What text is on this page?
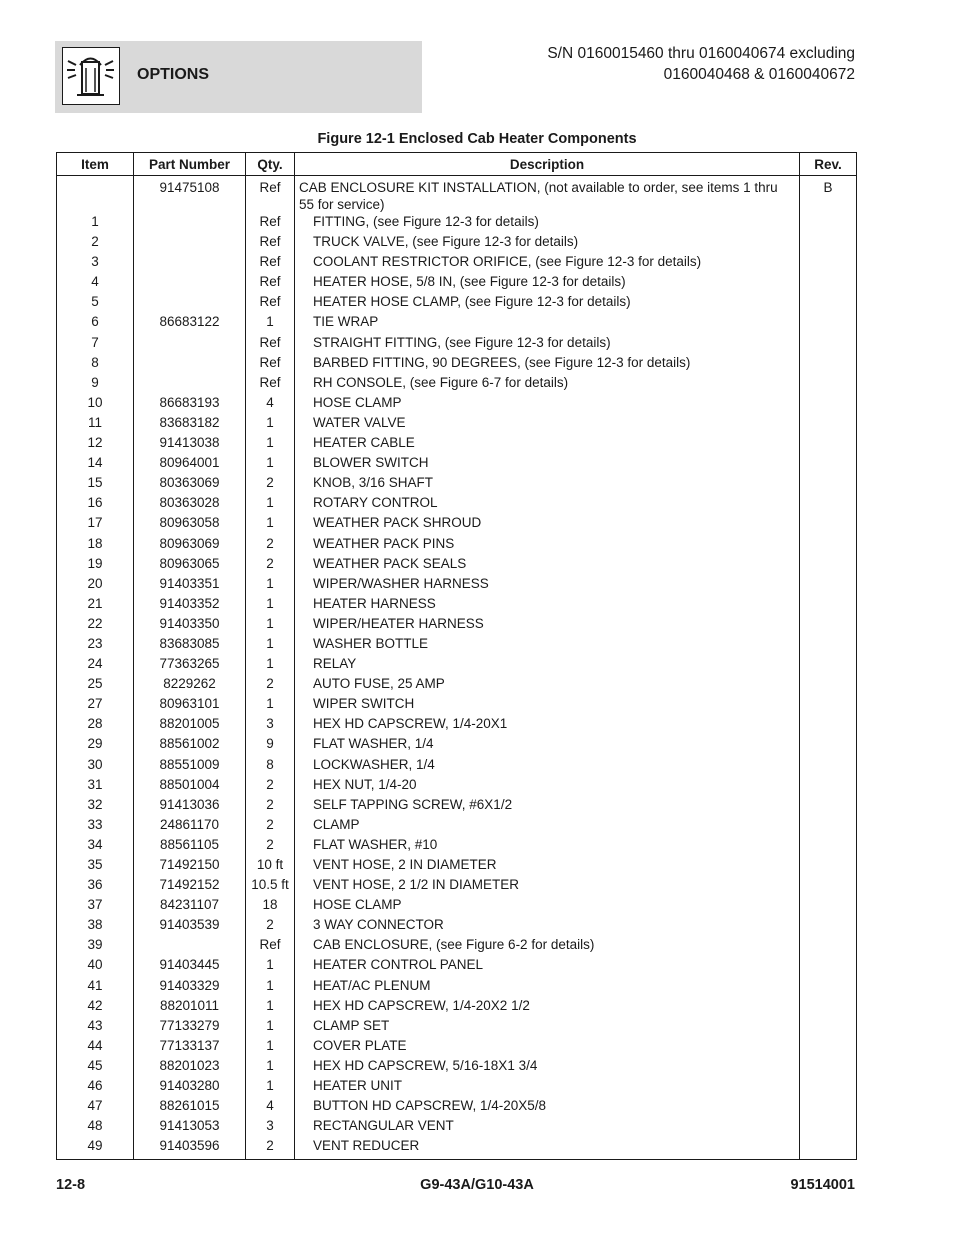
OPTIONS
S/N 0160015460 thru 0160040674 excluding
0160040468 & 0160040672
Figure 12-1 Enclosed Cab Heater Components
Item	Part Number	Qty.	Description	Rev.
	91475108	Ref	CAB ENCLOSURE KIT INSTALLATION, (not available to order, see items 1 thru 55 for service)	B
1		Ref	FITTING, (see Figure 12-3 for details)	
2		Ref	TRUCK VALVE, (see Figure 12-3 for details)	
3		Ref	COOLANT RESTRICTOR ORIFICE, (see Figure 12-3 for details)	
4		Ref	HEATER HOSE, 5/8 IN, (see Figure 12-3 for details)	
5		Ref	HEATER HOSE CLAMP, (see Figure 12-3 for details)	
6	86683122	1	TIE WRAP	
7		Ref	STRAIGHT FITTING, (see Figure 12-3 for details)	
8		Ref	BARBED FITTING, 90 DEGREES, (see Figure 12-3 for details)	
9		Ref	RH CONSOLE, (see Figure 6-7 for details)	
10	86683193	4	HOSE CLAMP	
11	83683182	1	WATER VALVE	
12	91413038	1	HEATER CABLE	
14	80964001	1	BLOWER SWITCH	
15	80363069	2	KNOB, 3/16 SHAFT	
16	80363028	1	ROTARY CONTROL	
17	80963058	1	WEATHER PACK SHROUD	
18	80963069	2	WEATHER PACK PINS	
19	80963065	2	WEATHER PACK SEALS	
20	91403351	1	WIPER/WASHER HARNESS	
21	91403352	1	HEATER HARNESS	
22	91403350	1	WIPER/HEATER HARNESS	
23	83683085	1	WASHER BOTTLE	
24	77363265	1	RELAY	
25	8229262	2	AUTO FUSE, 25 AMP	
27	80963101	1	WIPER SWITCH	
28	88201005	3	HEX HD CAPSCREW, 1/4-20X1	
29	88561002	9	FLAT WASHER, 1/4	
30	88551009	8	LOCKWASHER, 1/4	
31	88501004	2	HEX NUT, 1/4-20	
32	91413036	2	SELF TAPPING SCREW, #6X1/2	
33	24861170	2	CLAMP	
34	88561105	2	FLAT WASHER, #10	
35	71492150	10 ft	VENT HOSE, 2 IN DIAMETER	
36	71492152	10.5 ft	VENT HOSE, 2 1/2 IN DIAMETER	
37	84231107	18	HOSE CLAMP	
38	91403539	2	3 WAY CONNECTOR	
39		Ref	CAB ENCLOSURE, (see Figure 6-2 for details)	
40	91403445	1	HEATER CONTROL PANEL	
41	91403329	1	HEAT/AC PLENUM	
42	88201011	1	HEX HD CAPSCREW, 1/4-20X2 1/2	
43	77133279	1	CLAMP SET	
44	77133137	1	COVER PLATE	
45	88201023	1	HEX HD CAPSCREW, 5/16-18X1 3/4	
46	91403280	1	HEATER UNIT	
47	88261015	4	BUTTON HD CAPSCREW, 1/4-20X5/8	
48	91413053	3	RECTANGULAR VENT	
49	91403596	2	VENT REDUCER	
12-8	G9-43A/G10-43A	91514001
